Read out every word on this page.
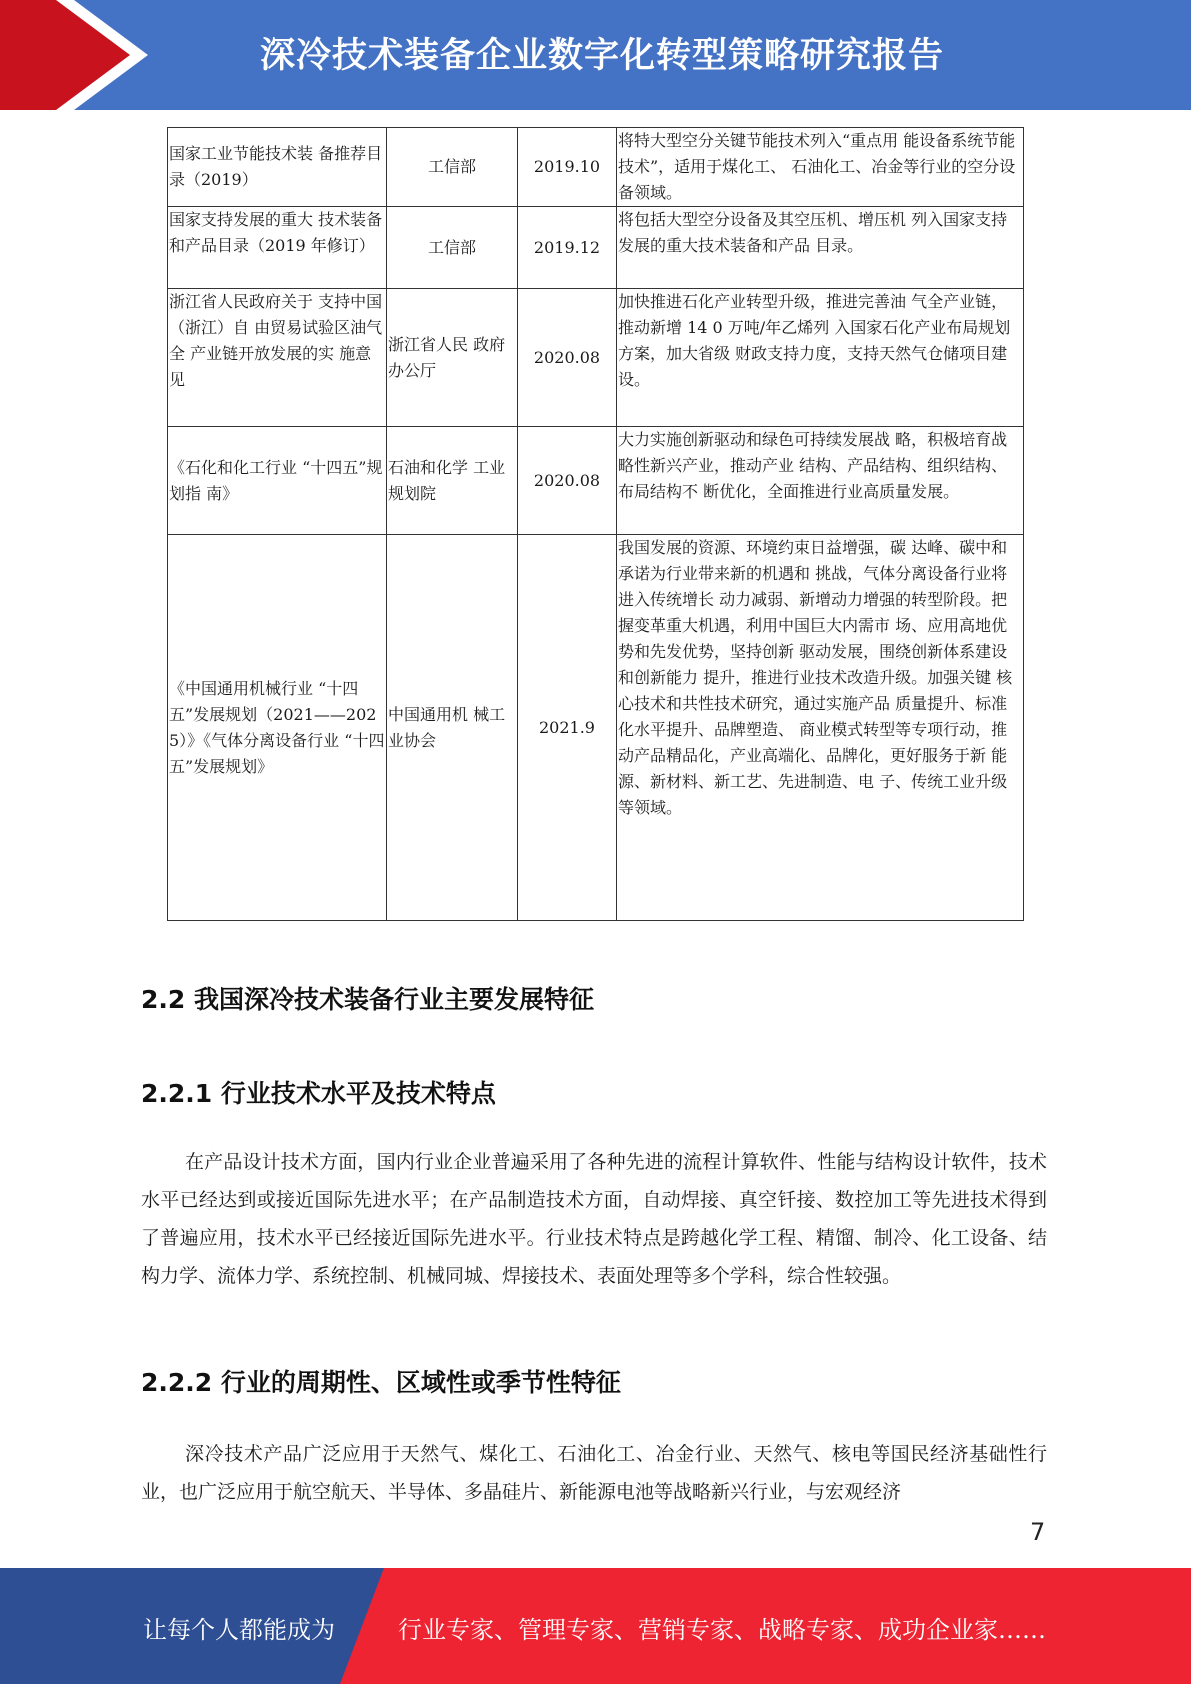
深冷技术装备企业数字化转型策略研究报告
国家工业节能技术装 备推荐目录（2019）	工信部	2019.10	将特大型空分关键节能技术列入“重点用 能设备系统节能技术”，适用于煤化工、 石油化工、冶金等行业的空分设备领域。
国家支持发展的重大 技术装备和产品目录（2019 年修订）	工信部	2019.12	将包括大型空分设备及其空压机、增压机 列入国家支持发展的重大技术装备和产品 目录。
浙江省人民政府关于 支持中国（浙江）自 由贸易试验区油气全 产业链开放发展的实 施意见	浙江省人民 政府办公厅	2020.08	加快推进石化产业转型升级，推进完善油 气全产业链，推动新增 14 0 万吨/年乙烯列 入国家石化产业布局规划方案，加大省级 财政支持力度，支持天然气仓储项目建 设。
《石化和化工行业 “十四五”规划指 南》	石油和化学 工业规划院	2020.08	大力实施创新驱动和绿色可持续发展战 略，积极培育战略性新兴产业，推动产业 结构、产品结构、组织结构、布局结构不 断优化，全面推进行业高质量发展。
《中国通用机械行业 “十四五”发展规划（2021——2025）》《气体分离设备行业 “十四五”发展规划》	中国通用机 械工业协会	2021.9	我国发展的资源、环境约束日益增强，碳 达峰、碳中和承诺为行业带来新的机遇和 挑战，气体分离设备行业将进入传统增长 动力减弱、新增动力增强的转型阶段。把 握变革重大机遇，利用中国巨大内需市 场、应用高地优势和先发优势，坚持创新 驱动发展，围绕创新体系建设和创新能力 提升，推进行业技术改造升级。加强关键 核心技术和共性技术研究，通过实施产品 质量提升、标准化水平提升、品牌塑造、 商业模式转型等专项行动，推动产品精品化，产业高端化、品牌化，更好服务于新 能源、新材料、新工艺、先进制造、电 子、传统工业升级等领域。
2.2 我国深冷技术装备行业主要发展特征
2.2.1 行业技术水平及技术特点
在产品设计技术方面，国内行业企业普遍采用了各种先进的流程计算软件、性能与结构设计软件，技术水平已经达到或接近国际先进水平；在产品制造技术方面，自动焊接、真空钎接、数控加工等先进技术得到了普遍应用，技术水平已经接近国际先进水平。行业技术特点是跨越化学工程、精馏、制冷、化工设备、结构力学、流体力学、系统控制、机械同城、焊接技术、表面处理等多个学科，综合性较强。
2.2.2 行业的周期性、区域性或季节性特征
深冷技术产品广泛应用于天然气、煤化工、石油化工、冶金行业、天然气、核电等国民经济基础性行业，也广泛应用于航空航天、半导体、多晶硅片、新能源电池等战略新兴行业，与宏观经济
7
让每个人都能成为	行业专家、管理专家、营销专家、战略专家、成功企业家……
